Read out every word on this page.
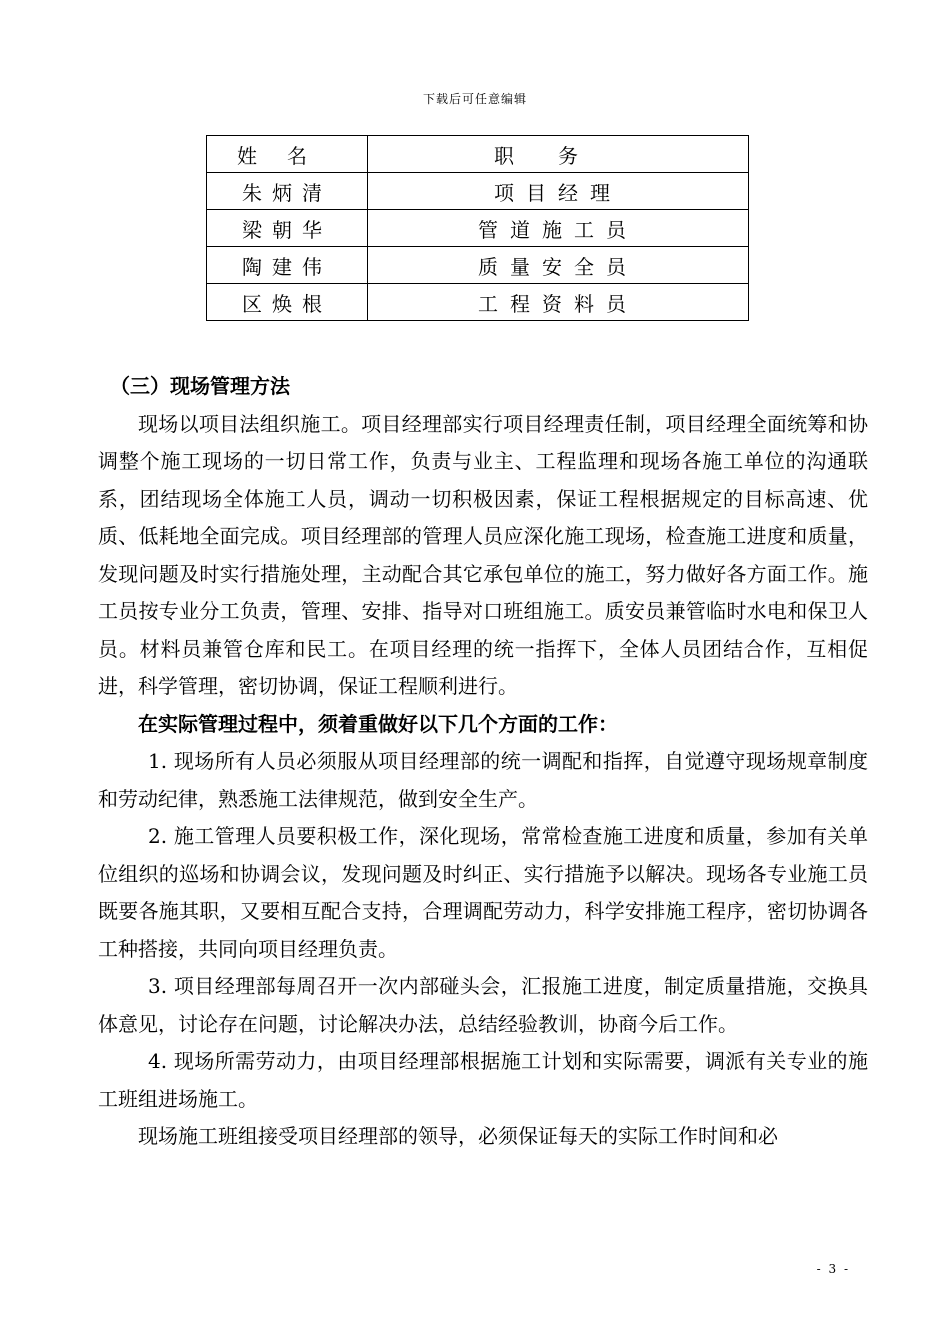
下载后可任意编辑
姓名	职务
朱炳清	项目经理
梁朝华	管道施工员
陶建伟	质量安全员
区焕根	工程资料员
（三）现场管理方法
现场以项目法组织施工。项目经理部实行项目经理责任制，项目经理全面统筹和协调整个施工现场的一切日常工作，负责与业主、工程监理和现场各施工单位的沟通联系，团结现场全体施工人员，调动一切积极因素，保证工程根据规定的目标高速、优质、低耗地全面完成。项目经理部的管理人员应深化施工现场，检查施工进度和质量，发现问题及时实行措施处理，主动配合其它承包单位的施工，努力做好各方面工作。施工员按专业分工负责，管理、安排、指导对口班组施工。质安员兼管临时水电和保卫人员。材料员兼管仓库和民工。在项目经理的统一指挥下，全体人员团结合作，互相促进，科学管理，密切协调，保证工程顺利进行。
在实际管理过程中，须着重做好以下几个方面的工作：
1. 现场所有人员必须服从项目经理部的统一调配和指挥，自觉遵守现场规章制度和劳动纪律，熟悉施工法律规范，做到安全生产。
2. 施工管理人员要积极工作，深化现场，常常检查施工进度和质量，参加有关单位组织的巡场和协调会议，发现问题及时纠正、实行措施予以解决。现场各专业施工员既要各施其职，又要相互配合支持，合理调配劳动力，科学安排施工程序，密切协调各工种搭接，共同向项目经理负责。
3. 项目经理部每周召开一次内部碰头会，汇报施工进度，制定质量措施，交换具体意见，讨论存在问题，讨论解决办法，总结经验教训，协商今后工作。
4. 现场所需劳动力，由项目经理部根据施工计划和实际需要，调派有关专业的施工班组进场施工。
现场施工班组接受项目经理部的领导，必须保证每天的实际工作时间和必
- 3 -
